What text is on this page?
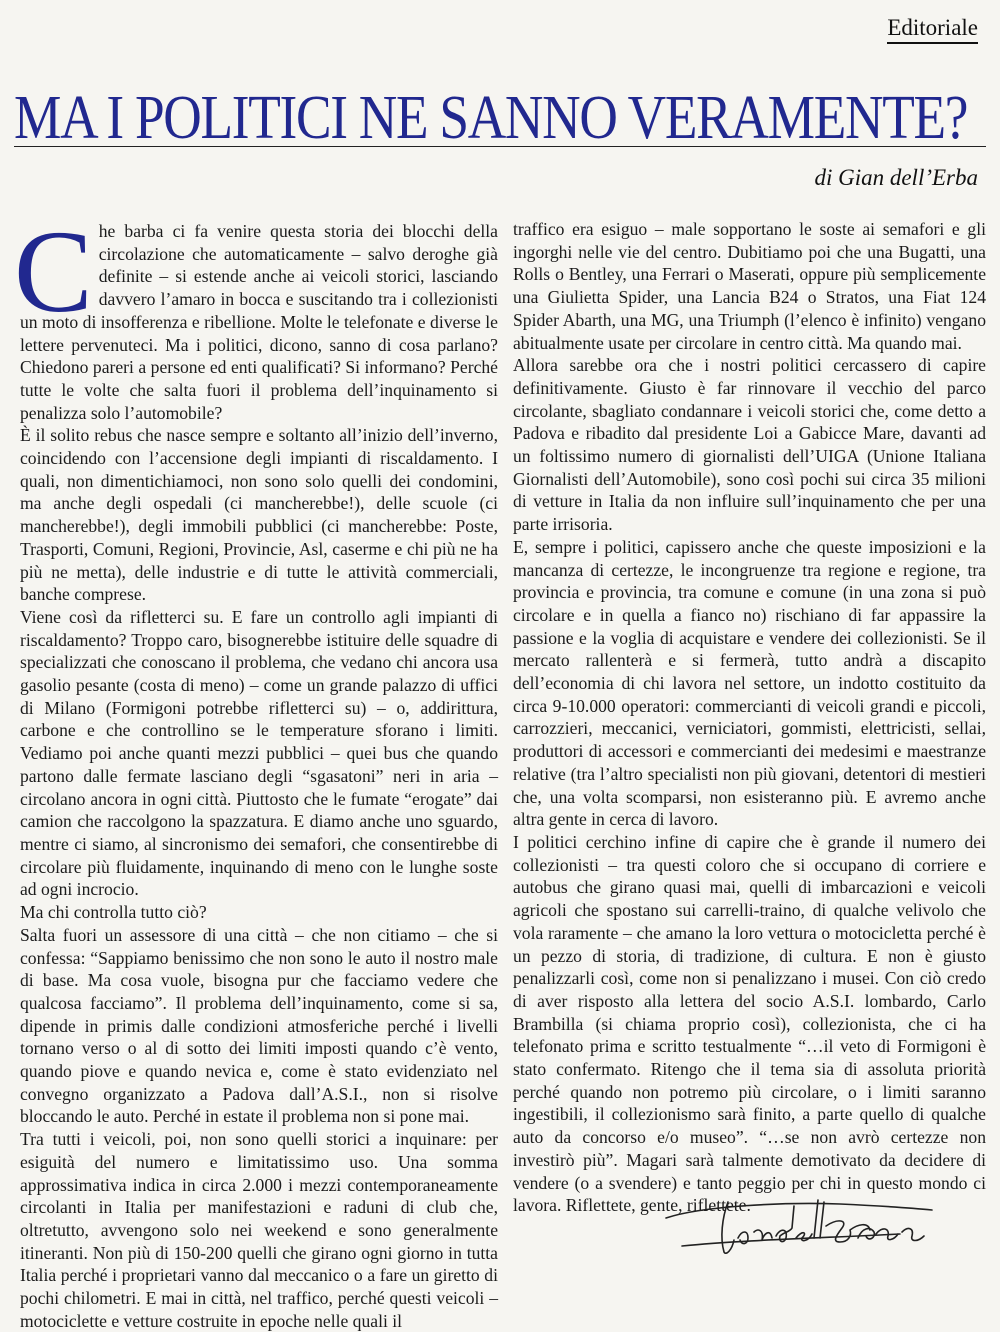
Editoriale
MA I POLITICI NE SANNO VERAMENTE?
di Gian dell’Erba

Che barba ci fa venire questa storia dei blocchi della circolazione che automaticamente – salvo deroghe già definite – si estende anche ai veicoli storici, lasciando davvero l’amaro in bocca e suscitando tra i collezionisti un moto di insofferenza e ribellione. Molte le telefonate e diverse le lettere pervenuteci. Ma i politici, dicono, sanno di cosa parlano? Chiedono pareri a persone ed enti qualificati? Si informano? Perché tutte le volte che salta fuori il problema dell’inquinamento si penalizza solo l’automobile?

È il solito rebus che nasce sempre e soltanto all’inizio dell’inverno, coincidendo con l’accensione degli impianti di riscaldamento. I quali, non dimentichiamoci, non sono solo quelli dei condomini, ma anche degli ospedali (ci mancherebbe!), delle scuole (ci mancherebbe!), degli immobili pubblici (ci mancherebbe: Poste, Trasporti, Comuni, Regioni, Provincie, Asl, caserme e chi più ne ha più ne metta), delle industrie e di tutte le attività commerciali, banche comprese.

Viene così da rifletterci su. E fare un controllo agli impianti di riscaldamento? Troppo caro, bisognerebbe istituire delle squadre di specializzati che conoscano il problema, che vedano chi ancora usa gasolio pesante (costa di meno) – come un grande palazzo di uffici di Milano (Formigoni potrebbe rifletterci su) – o, addirittura, carbone e che controllino se le temperature sforano i limiti. Vediamo poi anche quanti mezzi pubblici – quei bus che quando partono dalle fermate lasciano degli “sgasatoni” neri in aria – circolano ancora in ogni città. Piuttosto che le fumate “erogate” dai camion che raccolgono la spazzatura. E diamo anche uno sguardo, mentre ci siamo, al sincronismo dei semafori, che consentirebbe di circolare più fluidamente, inquinando di meno con le lunghe soste ad ogni incrocio.

Ma chi controlla tutto ciò?

Salta fuori un assessore di una città – che non citiamo – che si confessa: “Sappiamo benissimo che non sono le auto il nostro male di base. Ma cosa vuole, bisogna pur che facciamo vedere che qualcosa facciamo”. Il problema dell’inquinamento, come si sa, dipende in primis dalle condizioni atmosferiche perché i livelli tornano verso o al di sotto dei limiti imposti quando c’è vento, quando piove e quando nevica e, come è stato evidenziato nel convegno organizzato a Padova dall’A.S.I., non si risolve bloccando le auto. Perché in estate il problema non si pone mai.

Tra tutti i veicoli, poi, non sono quelli storici a inquinare: per esiguità del numero e limitatissimo uso. Una somma approssimativa indica in circa 2.000 i mezzi contemporaneamente circolanti in Italia per manifestazioni e raduni di club che, oltretutto, avvengono solo nei weekend e sono generalmente itineranti. Non più di 150-200 quelli che girano ogni giorno in tutta Italia perché i proprietari vanno dal meccanico o a fare un giretto di pochi chilometri. E mai in città, nel traffico, perché questi veicoli – motociclette e vetture costruite in epoche nelle quali il

traffico era esiguo – male sopportano le soste ai semafori e gli ingorghi nelle vie del centro. Dubitiamo poi che una Bugatti, una Rolls o Bentley, una Ferrari o Maserati, oppure più semplicemente una Giulietta Spider, una Lancia B24 o Stratos, una Fiat 124 Spider Abarth, una MG, una Triumph (l’elenco è infinito) vengano abitualmente usate per circolare in centro città. Ma quando mai.

Allora sarebbe ora che i nostri politici cercassero di capire definitivamente. Giusto è far rinnovare il vecchio del parco circolante, sbagliato condannare i veicoli storici che, come detto a Padova e ribadito dal presidente Loi a Gabicce Mare, davanti ad un foltissimo numero di giornalisti dell’UIGA (Unione Italiana Giornalisti dell’Automobile), sono così pochi sui circa 35 milioni di vetture in Italia da non influire sull’inquinamento che per una parte irrisoria.

E, sempre i politici, capissero anche che queste imposizioni e la mancanza di certezze, le incongruenze tra regione e regione, tra provincia e provincia, tra comune e comune (in una zona si può circolare e in quella a fianco no) rischiano di far appassire la passione e la voglia di acquistare e vendere dei collezionisti. Se il mercato rallenterà e si fermerà, tutto andrà a discapito dell’economia di chi lavora nel settore, un indotto costituito da circa 9-10.000 operatori: commercianti di veicoli grandi e piccoli, carrozzieri, meccanici, verniciatori, gommisti, elettricisti, sellai, produttori di accessori e commercianti dei medesimi e maestranze relative (tra l’altro specialisti non più giovani, detentori di mestieri che, una volta scomparsi, non esisteranno più. E avremo anche altra gente in cerca di lavoro.

I politici cerchino infine di capire che è grande il numero dei collezionisti – tra questi coloro che si occupano di corriere e autobus che girano quasi mai, quelli di imbarcazioni e veicoli agricoli che spostano sui carrelli-traino, di qualche velivolo che vola raramente – che amano la loro vettura o motocicletta perché è un pezzo di storia, di tradizione, di cultura. E non è giusto penalizzarli così, come non si penalizzano i musei. Con ciò credo di aver risposto alla lettera del socio A.S.I. lombardo, Carlo Brambilla (si chiama proprio così), collezionista, che ci ha telefonato prima e scritto testualmente “…il veto di Formigoni è stato confermato. Ritengo che il tema sia di assoluta priorità perché quando non potremo più circolare, o i limiti saranno ingestibili, il collezionismo sarà finito, a parte quello di qualche auto da concorso e/o museo”. “…se non avrò certezze non investirò più”. Magari sarà talmente demotivato da decidere di vendere (o a svendere) e tanto peggio per chi in questo mondo ci lavora. Riflettete, gente, riflettete.
